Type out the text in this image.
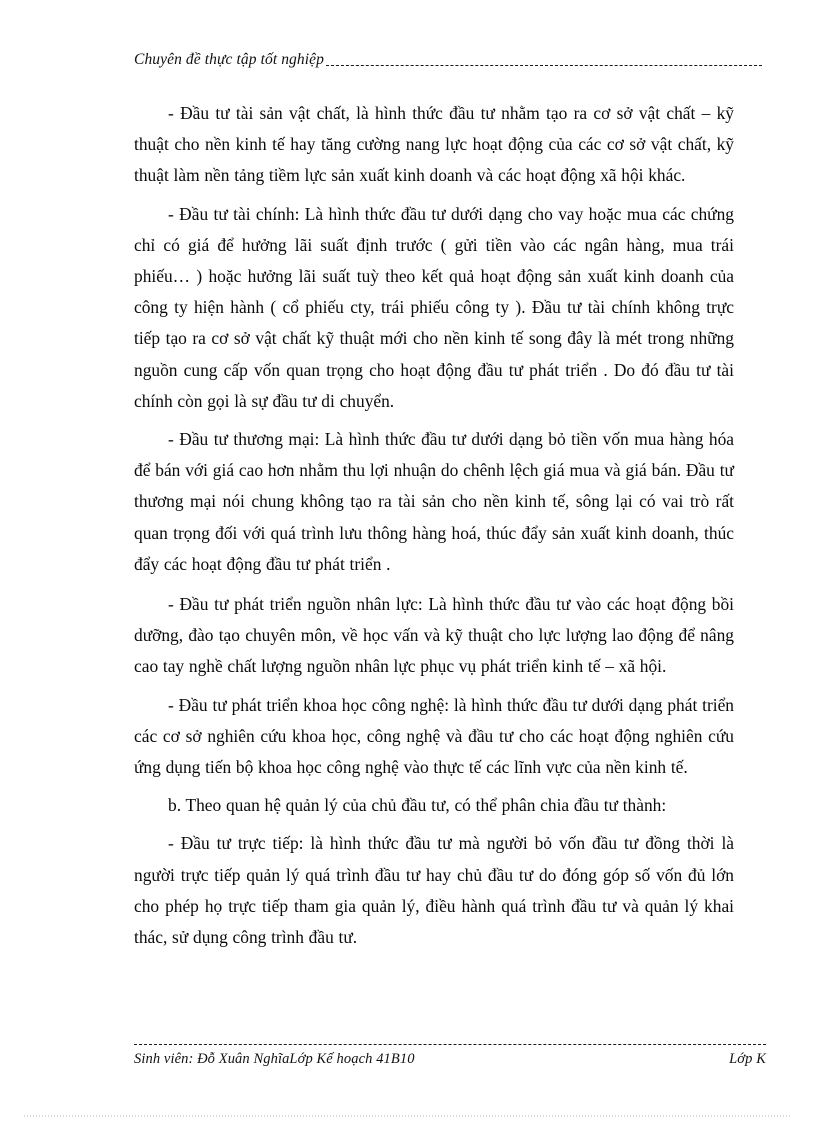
Chuyên đề thực tập tốt nghiệp

- Đầu tư tài sản vật chất, là hình thức đầu tư nhằm tạo ra cơ sở vật chất – kỹ thuật cho nền kinh tế hay tăng cường nang lực hoạt động của các cơ sở vật chất, kỹ thuật làm nền tảng tiềm lực sản xuất kinh doanh và các hoạt động xã hội khác.

- Đầu tư tài chính: Là hình thức đầu tư dưới dạng cho vay hoặc mua các chứng chỉ có giá để hưởng lãi suất định trước ( gửi tiền vào các ngân hàng, mua trái phiếu… ) hoặc hưởng lãi suất tuỳ theo kết quả hoạt động sản xuất kinh doanh của công ty hiện hành ( cổ phiếu cty, trái phiếu công ty ). Đầu tư tài chính không trực tiếp tạo ra cơ sở vật chất kỹ thuật mới cho nền kinh tế song đây là mét trong những nguồn cung cấp vốn quan trọng cho hoạt động đầu tư phát triển . Do đó đầu tư tài chính còn gọi là sự đầu tư di chuyển.

- Đầu tư thương mại: Là hình thức đầu tư dưới dạng bỏ tiền vốn mua hàng hóa để bán với giá cao hơn nhằm thu lợi nhuận do chênh lệch giá mua và giá bán. Đầu tư thương mại nói chung không tạo ra tài sản cho nền kinh tế, sông lại có vai trò rất quan trọng đối với quá trình lưu thông hàng hoá, thúc đẩy sản xuất kinh doanh, thúc đẩy các hoạt động đầu tư phát triển .

- Đầu tư phát triển nguồn nhân lực: Là hình thức đầu tư vào các hoạt động bồi dưỡng, đào tạo chuyên môn, về học vấn và kỹ thuật cho lực lượng lao động để nâng cao tay nghề chất lượng nguồn nhân lực phục vụ phát triển kinh tế – xã hội.

- Đầu tư phát triển khoa học công nghệ: là hình thức đầu tư dưới dạng phát triển các cơ sở nghiên cứu khoa học, công nghệ và đầu tư cho các hoạt động nghiên cứu ứng dụng tiến bộ khoa học công nghệ vào thực tế các lĩnh vực của nền kinh tế.

b. Theo quan hệ quản lý của chủ đầu tư, có thể phân chia đầu tư thành:

- Đầu tư trực tiếp: là hình thức đầu tư mà người bỏ vốn đầu tư đồng thời là người trực tiếp quản lý quá trình đầu tư hay chủ đầu tư do đóng góp số vốn đủ lớn cho phép họ trực tiếp tham gia quản lý, điều hành quá trình đầu tư và quản lý khai thác, sử dụng công trình đầu tư.

Sinh viên: Đỗ Xuân NghĩaLớp Kế hoạch 41B10	Lớp K
